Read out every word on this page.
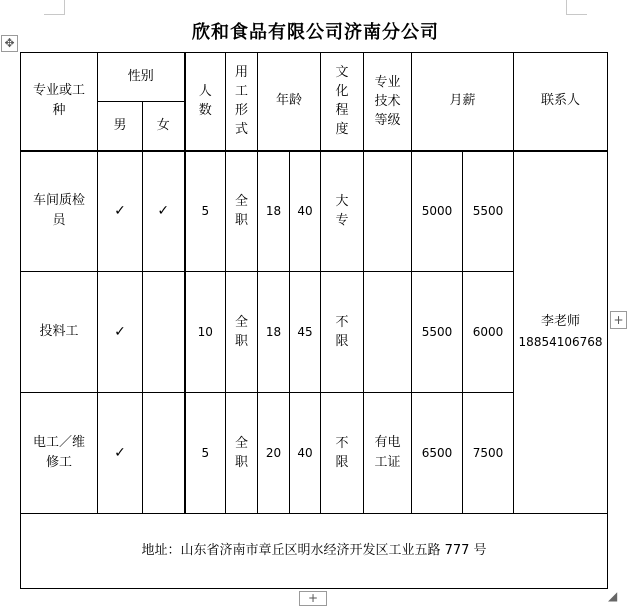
✥	欣和食品有限公司济南分公司
专业或工种	性别		人数	用工形式	年龄		文化程度	专业技术等级	月薪		联系人
	男	女									

车间质检员	✓	✓	5	全职	18	40	大专		5000	5500	李老师
18854106768

投料工	✓		10	全职	18	45	不限		5500	6000	

电工／维修工	✓		5	全职	20	40	不限	有电工证	6500	7500	
地址：山东省济南市章丘区明水经济开发区工业五路 777 号											
+
+	◢
